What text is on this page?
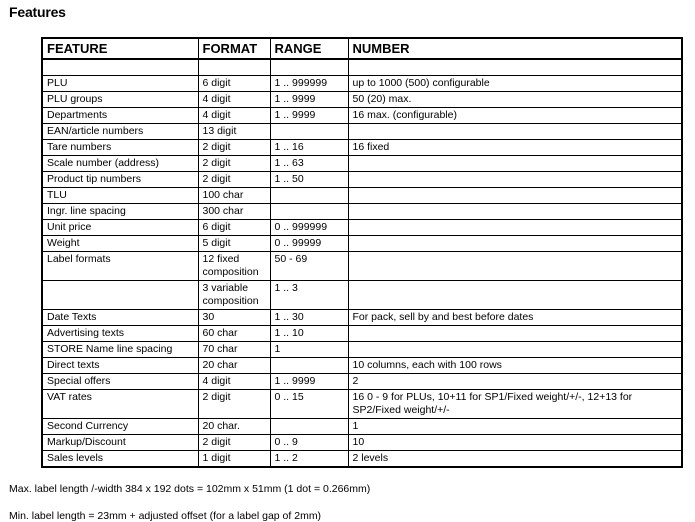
Features
FEATURE	FORMAT	RANGE	NUMBER

PLU	6 digit	1 .. 999999	up to 1000 (500) configurable
PLU groups	4 digit	1 .. 9999	50 (20) max.
Departments	4 digit	1 .. 9999	16 max. (configurable)
EAN/article numbers	13 digit		
Tare numbers	2 digit	1 .. 16	16 fixed
Scale number (address)	2 digit	1 .. 63	
Product tip numbers	2 digit	1 .. 50	
TLU	100 char		
Ingr. line spacing	300 char		
Unit price	6 digit	0 .. 999999	
Weight	5 digit	0 .. 99999	
Label formats	12 fixed composition	50 - 69	
	3 variable composition	1 .. 3	
Date Texts	30	1 .. 30	For pack, sell by and best before dates
Advertising texts	60 char	1 .. 10	
STORE Name line spacing	70 char	1	
Direct texts	20 char		10 columns, each with 100 rows
Special offers	4 digit	1 .. 9999	2
VAT rates	2 digit	0 .. 15	16 0 - 9 for PLUs, 10+11 for SP1/Fixed weight/+/-, 12+13 for SP2/Fixed weight/+/-
Second Currency	20 char.		1
Markup/Discount	2 digit	0 .. 9	10
Sales levels	1 digit	1 .. 2	2 levels
Max. label length /-width 384 x 192 dots = 102mm x 51mm (1 dot = 0.266mm)
Min. label length = 23mm + adjusted offset (for a label gap of 2mm)
